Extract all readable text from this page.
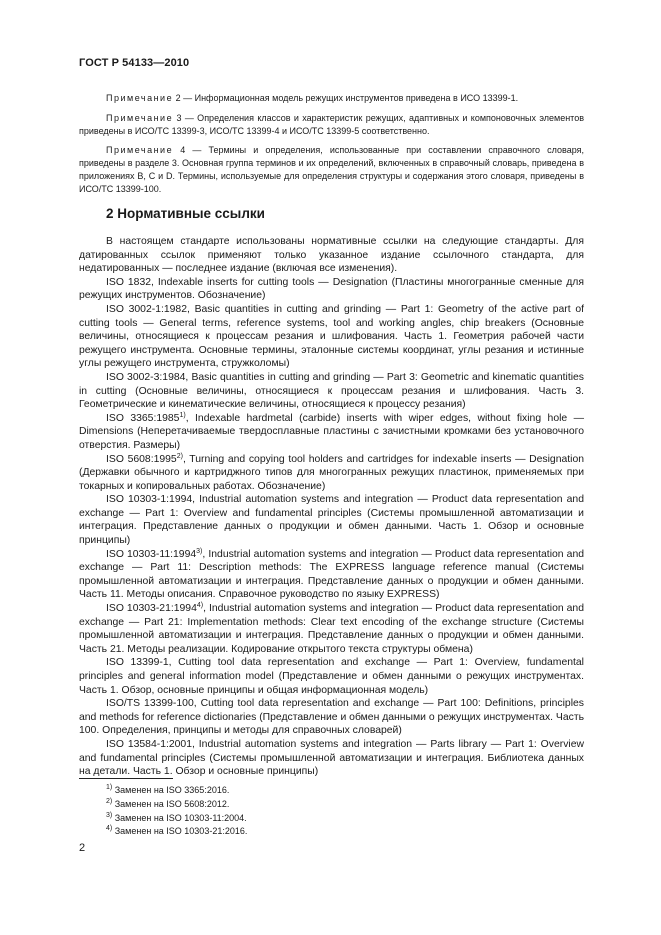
ГОСТ Р 54133—2010

Примечание 2 — Информационная модель режущих инструментов приведена в ИСО 13399-1.

Примечание 3 — Определения классов и характеристик режущих, адаптивных и компоновочных элементов приведены в ИСО/ТС 13399-3, ИСО/ТС 13399-4 и ИСО/ТС 13399-5 соответственно.

Примечание 4 — Термины и определения, использованные при составлении справочного словаря, приведены в разделе 3. Основная группа терминов и их определений, включенных в справочный словарь, приведена в приложениях B, C и D. Термины, используемые для определения структуры и содержания этого словаря, приведены в ИСО/ТС 13399-100.

2 Нормативные ссылки

В настоящем стандарте использованы нормативные ссылки на следующие стандарты. Для датированных ссылок применяют только указанное издание ссылочного стандарта, для недатированных — последнее издание (включая все изменения).

ISO 1832, Indexable inserts for cutting tools — Designation (Пластины многогранные сменные для режущих инструментов. Обозначение)

ISO 3002-1:1982, Basic quantities in cutting and grinding — Part 1: Geometry of the active part of cutting tools — General terms, reference systems, tool and working angles, chip breakers (Основные величины, относящиеся к процессам резания и шлифования. Часть 1. Геометрия рабочей части режущего инструмента. Основные термины, эталонные системы координат, углы резания и истинные углы режущего инструмента, стружколомы)

ISO 3002-3:1984, Basic quantities in cutting and grinding — Part 3: Geometric and kinematic quantities in cutting (Основные величины, относящиеся к процессам резания и шлифования. Часть 3. Геометрические и кинематические величины, относящиеся к процессу резания)

ISO 3365:1985$^{1)}$, Indexable hardmetal (carbide) inserts with wiper edges, without fixing hole — Dimensions (Неперетачиваемые твердосплавные пластины с зачистными кромками без установочного отверстия. Размеры)

ISO 5608:1995$^{2)}$, Turning and copying tool holders and cartridges for indexable inserts — Designation (Державки обычного и картриджного типов для многогранных режущих пластинок, применяемых при токарных и копировальных работах. Обозначение)

ISO 10303-1:1994, Industrial automation systems and integration — Product data representation and exchange — Part 1: Overview and fundamental principles (Системы промышленной автоматизации и интеграция. Представление данных о продукции и обмен данными. Часть 1. Обзор и основные принципы)

ISO 10303-11:1994$^{3)}$, Industrial automation systems and integration — Product data representation and exchange — Part 11: Description methods: The EXPRESS language reference manual (Системы промышленной автоматизации и интеграция. Представление данных о продукции и обмен данными. Часть 11. Методы описания. Справочное руководство по языку EXPRESS)

ISO 10303-21:1994$^{4)}$, Industrial automation systems and integration — Product data representation and exchange — Part 21: Implementation methods: Clear text encoding of the exchange structure (Системы промышленной автоматизации и интеграция. Представление данных о продукции и обмен данными. Часть 21. Методы реализации. Кодирование открытого текста структуры обмена)

ISO 13399-1, Cutting tool data representation and exchange — Part 1: Overview, fundamental principles and general information model (Представление и обмен данными о режущих инструментах. Часть 1. Обзор, основные принципы и общая информационная модель)

ISO/TS 13399-100, Cutting tool data representation and exchange — Part 100: Definitions, principles and methods for reference dictionaries (Представление и обмен данными о режущих инструментах. Часть 100. Определения, принципы и методы для справочных словарей)

ISO 13584-1:2001, Industrial automation systems and integration — Parts library — Part 1: Overview and fundamental principles (Системы промышленной автоматизации и интеграция. Библиотека данных на детали. Часть 1. Обзор и основные принципы)

$^{1)}$ Заменен на ISO 3365:2016.
$^{2)}$ Заменен на ISO 5608:2012.
$^{3)}$ Заменен на ISO 10303-11:2004.
$^{4)}$ Заменен на ISO 10303-21:2016.
2
